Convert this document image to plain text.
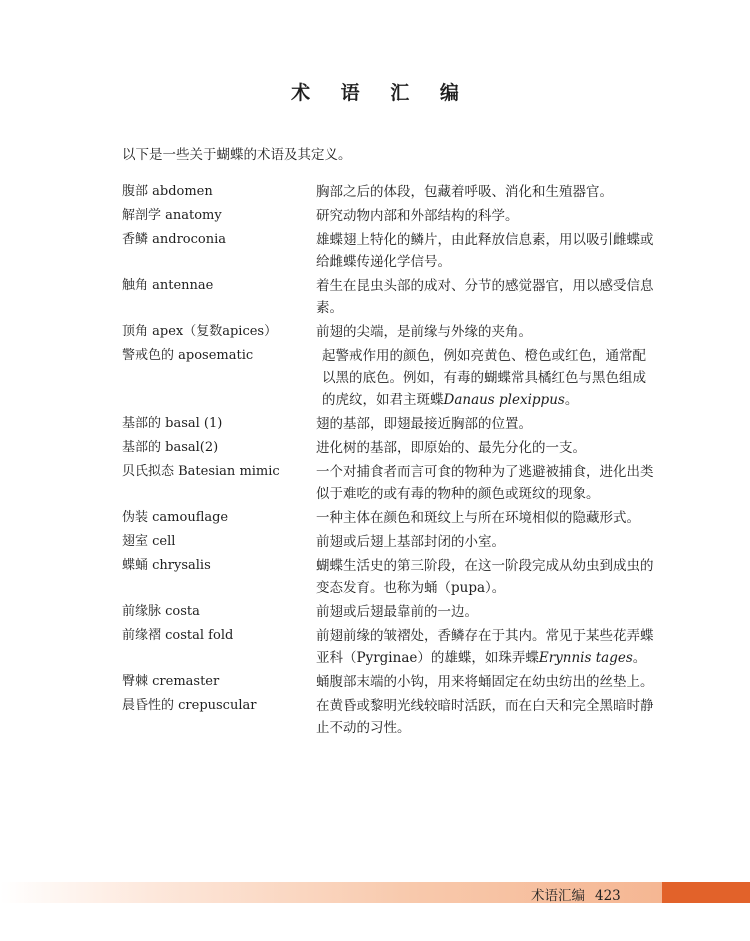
术 语 汇 编
以下是一些关于蝴蝶的术语及其定义。
腹部 abdomen	胸部之后的体段，包藏着呼吸、消化和生殖器官。
解剖学 anatomy	研究动物内部和外部结构的科学。
香鳞 androconia	雄蝶翅上特化的鳞片，由此释放信息素，用以吸引雌蝶或给雌蝶传递化学信号。
触角 antennae	着生在昆虫头部的成对、分节的感觉器官，用以感受信息素。
顶角 apex（复数apices）	前翅的尖端，是前缘与外缘的夹角。
警戒色的 aposematic	起警戒作用的颜色，例如亮黄色、橙色或红色，通常配以黑的底色。例如，有毒的蝴蝶常具橘红色与黑色组成的虎纹，如君主斑蝶Danaus plexippus。
基部的 basal (1)	翅的基部，即翅最接近胸部的位置。
基部的 basal(2)	进化树的基部，即原始的、最先分化的一支。
贝氏拟态 Batesian mimic	一个对捕食者而言可食的物种为了逃避被捕食，进化出类似于难吃的或有毒的物种的颜色或斑纹的现象。
伪装 camouflage	一种主体在颜色和斑纹上与所在环境相似的隐藏形式。
翅室 cell	前翅或后翅上基部封闭的小室。
蝶蛹 chrysalis	蝴蝶生活史的第三阶段，在这一阶段完成从幼虫到成虫的变态发育。也称为蛹（pupa）。
前缘脉 costa	前翅或后翅最靠前的一边。
前缘褶 costal fold	前翅前缘的皱褶处，香鳞存在于其内。常见于某些花弄蝶亚科（Pyrginae）的雄蝶，如珠弄蝶Erynnis tages。
臀棘 cremaster	蛹腹部末端的小钩，用来将蛹固定在幼虫纺出的丝垫上。
晨昏性的 crepuscular	在黄昏或黎明光线较暗时活跃，而在白天和完全黑暗时静止不动的习性。
术语汇编 423
